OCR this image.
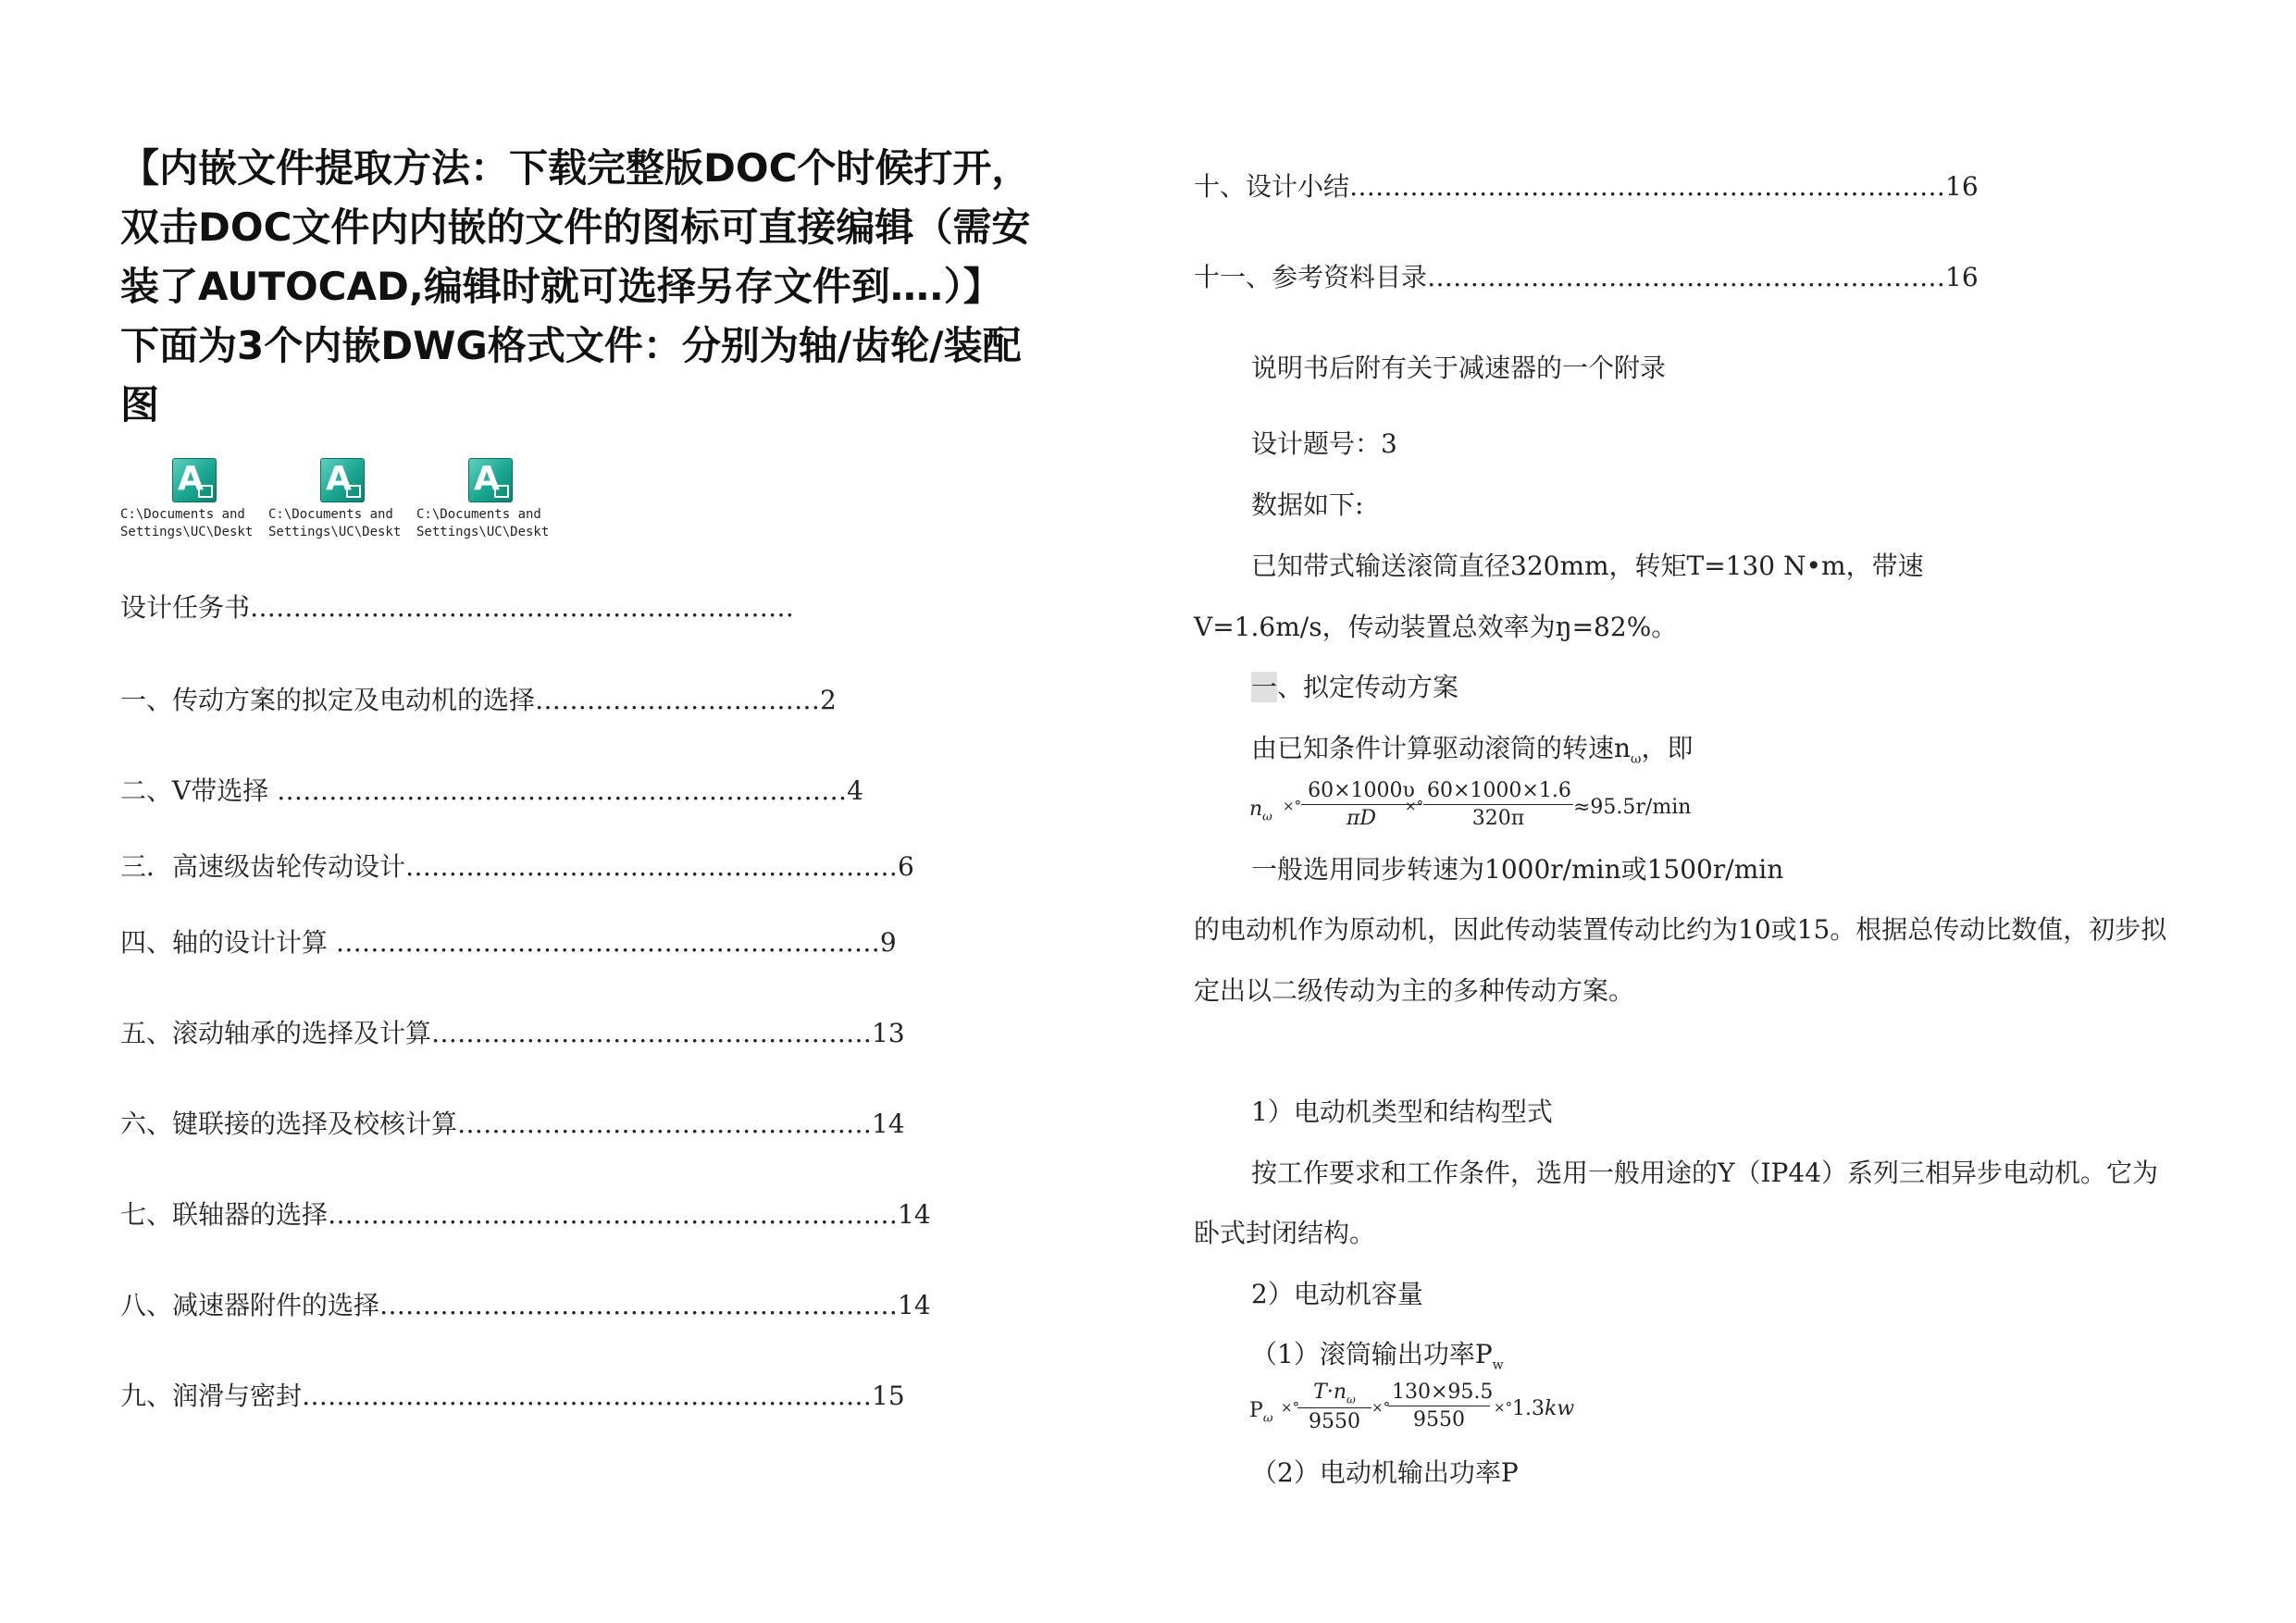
【内嵌文件提取方法：下载完整版DOC个时候打开，
双击DOC文件内内嵌的文件的图标可直接编辑（需安
装了AUTOCAD,编辑时就可选择另存文件到….）】
下面为3个内嵌DWG格式文件：分别为轴/齿轮/装配
图
A
C:\Documents and
Settings\UC\Deskt
A
C:\Documents and
Settings\UC\Deskt
A
C:\Documents and
Settings\UC\Deskt
设计任务书………………………………………………………
一、传动方案的拟定及电动机的选择……………………………2
二、V带选择 …………………………………………………………4
三．高速级齿轮传动设计…………………………………………………6
四、轴的设计计算 ………………………………………………………9
五、滚动轴承的选择及计算……………………………………………13
六、键联接的选择及校核计算…………………………………………14
七、联轴器的选择…………………………………………………………14
八、减速器附件的选择……………………………………………………14
九、润滑与密封…………………………………………………………15
十、设计小结……………………………………………………………16
十一、参考资料目录……………………………………………………16
说明书后附有关于减速器的一个附录
设计题号：3
数据如下:
已知带式输送滚筒直径320mm，转矩T=130 N•m，带速
V=1.6m/s，传动装置总效率为ŋ=82%。
一、拟定传动方案
由已知条件计算驱动滚筒的转速$n_\omega$，即
$n_\omega$
×° $\frac{60\times 1000\upsilon}{\pi D}$
×° $\frac{60\times 1000\times 1.6}{320\pi} \approx 95.5r/\min$
一般选用同步转速为1000r/min或1500r/min
的电动机作为原动机，因此传动装置传动比约为10或15。根据总传动比数值，初步拟
定出以二级传动为主的多种传动方案。
1）电动机类型和结构型式
按工作要求和工作条件，选用一般用途的Y（IP44）系列三相异步电动机。它为
卧式封闭结构。
2）电动机容量
（1）滚筒输出功率$P_w$
$P_\omega$
×°
$\frac{T\cdot n_\omega}{9550}$ ×°
$\frac{130\times 95.5}{9550}$ ×° 1.3kw
（2）电动机输出功率P
